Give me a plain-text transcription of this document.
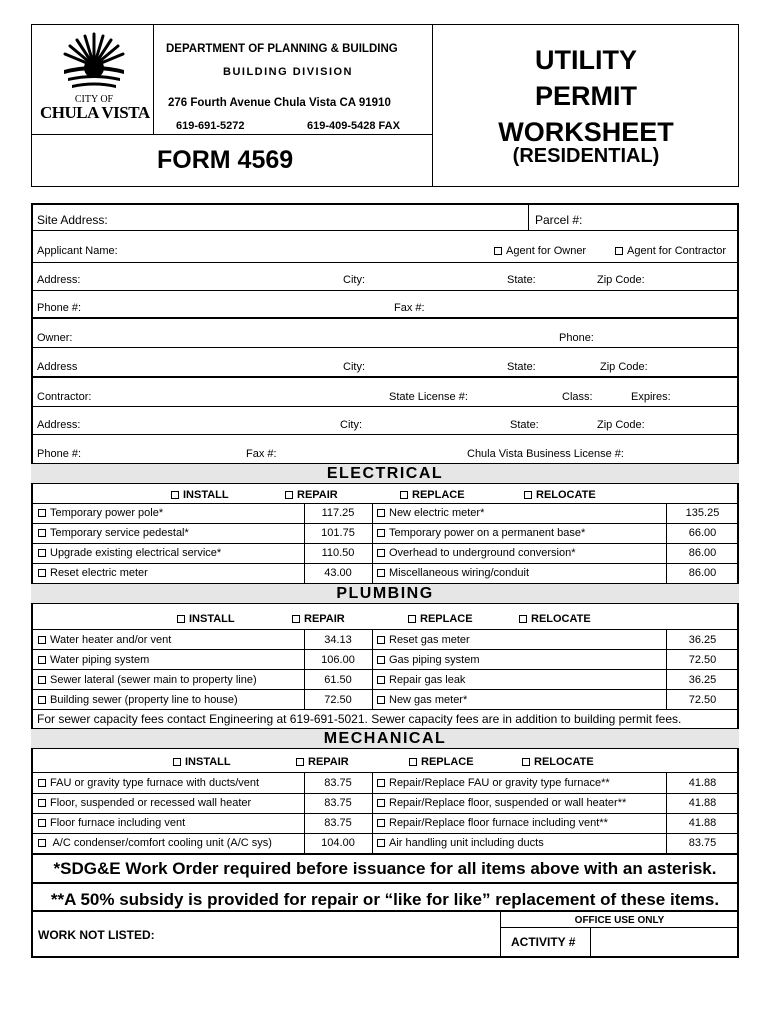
CITY OF
CHULA VISTA
DEPARTMENT OF PLANNING & BUILDING
BUILDING DIVISION
276 Fourth Avenue Chula Vista CA 91910
619-691-5272	619-409-5428 FAX
FORM 4569
UTILITY
PERMIT
WORKSHEET
(RESIDENTIAL)
Site Address:	Parcel #:
Applicant Name:	Agent for Owner	Agent for Contractor
Address:	City:	State:	Zip Code:
Phone #:	Fax #:
Owner:	Phone:
Address	City:	State:	Zip Code:
Contractor:	State License #:	Class:	Expires:
Address:	City:	State:	Zip Code:
Phone #:	Fax #:	Chula Vista Business License #:
ELECTRICAL
INSTALL	REPAIR	REPLACE	RELOCATE
Temporary power pole*	117.25	New electric meter*	135.25
Temporary service pedestal*	101.75	Temporary power on a permanent base*	66.00
Upgrade existing electrical service*	110.50	Overhead to underground conversion*	86.00
Reset electric meter	43.00	Miscellaneous wiring/conduit	86.00
PLUMBING
INSTALL	REPAIR	REPLACE	RELOCATE
Water heater and/or vent	34.13	Reset gas meter	36.25
Water piping system	106.00	Gas piping system	72.50
Sewer lateral (sewer main to property line)	61.50	Repair gas leak	36.25
Building sewer (property line to house)	72.50	New gas meter*	72.50
For sewer capacity fees contact Engineering at 619-691-5021. Sewer capacity fees are in addition to building permit fees.
MECHANICAL
INSTALL	REPAIR	REPLACE	RELOCATE
FAU or gravity type furnace with ducts/vent	83.75	Repair/Replace FAU or gravity type furnace**	41.88
Floor, suspended or recessed wall heater	83.75	Repair/Replace floor, suspended or wall heater**	41.88
Floor furnace including vent	83.75	Repair/Replace floor furnace including vent**	41.88
A/C condenser/comfort cooling unit (A/C sys)	104.00	Air handling unit including ducts	83.75
*SDG&E Work Order required before issuance for all items above with an asterisk.
**A 50% subsidy is provided for repair or “like for like” replacement of these items.
WORK NOT LISTED:
OFFICE USE ONLY
ACTIVITY #
